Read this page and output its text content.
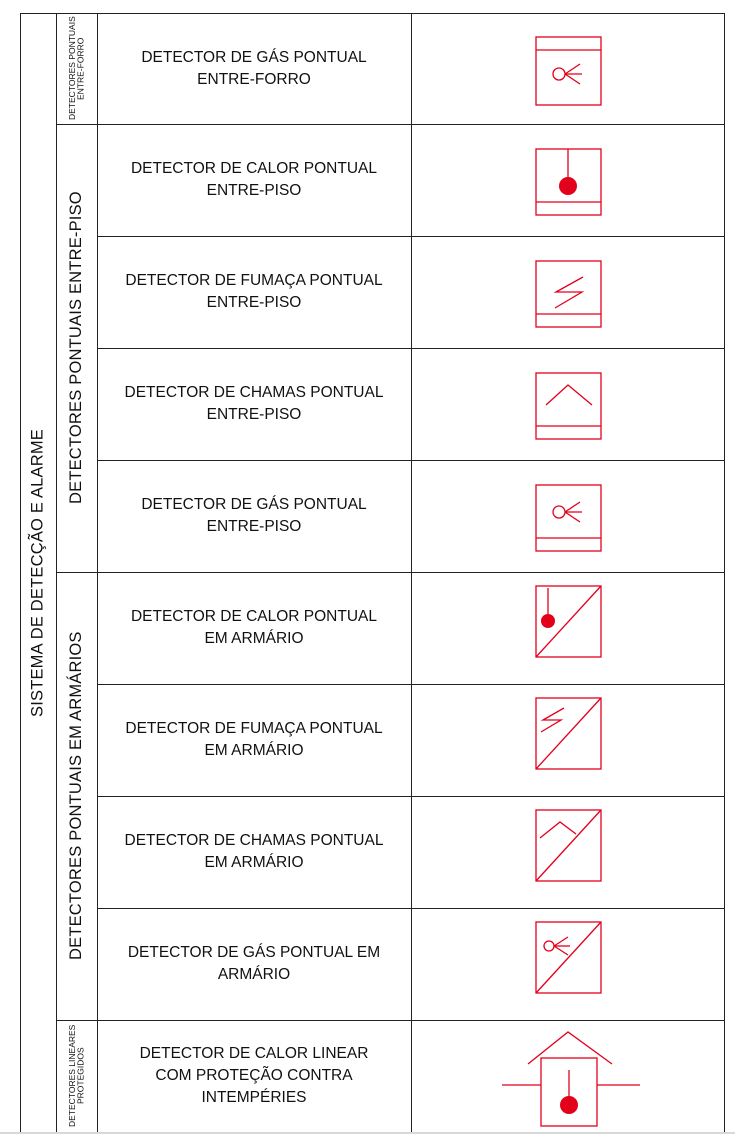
SISTEMA DE DETECÇÃO E ALARME
DETECTORES PONTUAIS ENTRE-FORRO
DETECTORES PONTUAIS ENTRE-PISO
DETECTORES PONTUAIS EM ARMÁRIOS
DETECTORES LINEARES PROTEGIDOS
DETECTOR DE GÁS PONTUAL
ENTRE-FORRO
DETECTOR DE CALOR PONTUAL
ENTRE-PISO
DETECTOR DE FUMAÇA PONTUAL
ENTRE-PISO
DETECTOR DE CHAMAS PONTUAL
ENTRE-PISO
DETECTOR DE GÁS PONTUAL
ENTRE-PISO
DETECTOR DE CALOR PONTUAL
EM ARMÁRIO
DETECTOR DE FUMAÇA PONTUAL
EM ARMÁRIO
DETECTOR DE CHAMAS PONTUAL
EM ARMÁRIO
DETECTOR DE GÁS PONTUAL EM
ARMÁRIO
DETECTOR DE CALOR LINEAR
COM PROTEÇÃO CONTRA
INTEMPÉRIES
